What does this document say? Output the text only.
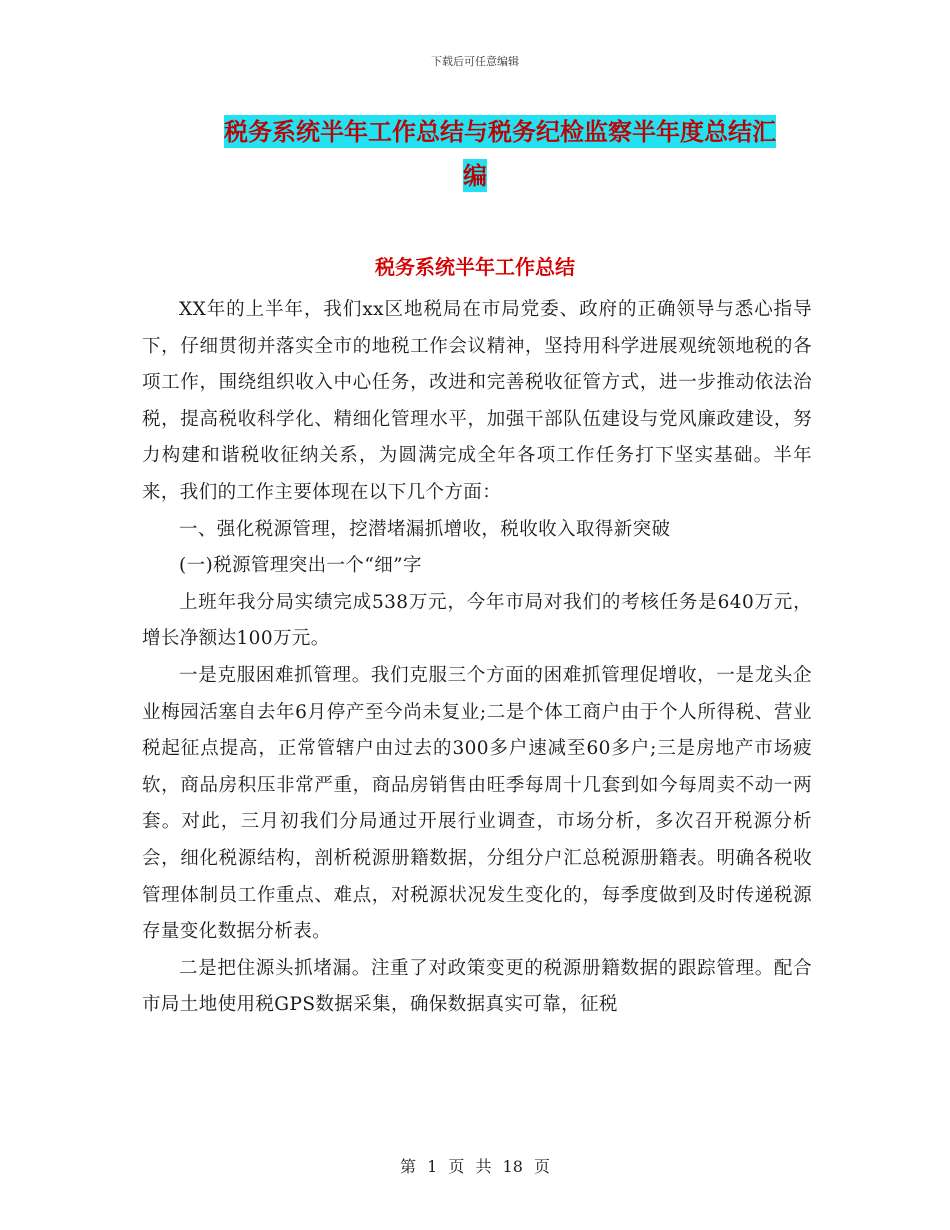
下载后可任意编辑
税务系统半年工作总结与税务纪检监察半年度总结汇
编
税务系统半年工作总结

XX年的上半年，我们xx区地税局在市局党委、政府的正确领导与悉心指导下，仔细贯彻并落实全市的地税工作会议精神，坚持用科学进展观统领地税的各项工作，围绕组织收入中心任务，改进和完善税收征管方式，进一步推动依法治税，提高税收科学化、精细化管理水平，加强干部队伍建设与党风廉政建设，努力构建和谐税收征纳关系，为圆满完成全年各项工作任务打下坚实基础。半年来，我们的工作主要体现在以下几个方面：

一、强化税源管理，挖潜堵漏抓增收，税收收入取得新突破

(一)税源管理突出一个“细”字

上班年我分局实绩完成538万元，今年市局对我们的考核任务是640万元，增长净额达100万元。

一是克服困难抓管理。我们克服三个方面的困难抓管理促增收，一是龙头企业梅园活塞自去年6月停产至今尚未复业;二是个体工商户由于个人所得税、营业税起征点提高，正常管辖户由过去的300多户速减至60多户;三是房地产市场疲软，商品房积压非常严重，商品房销售由旺季每周十几套到如今每周卖不动一两套。对此，三月初我们分局通过开展行业调查，市场分析，多次召开税源分析会，细化税源结构，剖析税源册籍数据，分组分户汇总税源册籍表。明确各税收管理体制员工作重点、难点，对税源状况发生变化的，每季度做到及时传递税源存量变化数据分析表。

二是把住源头抓堵漏。注重了对政策变更的税源册籍数据的跟踪管理。配合市局土地使用税GPS数据采集，确保数据真实可靠，征税

第 1 页 共 18 页
